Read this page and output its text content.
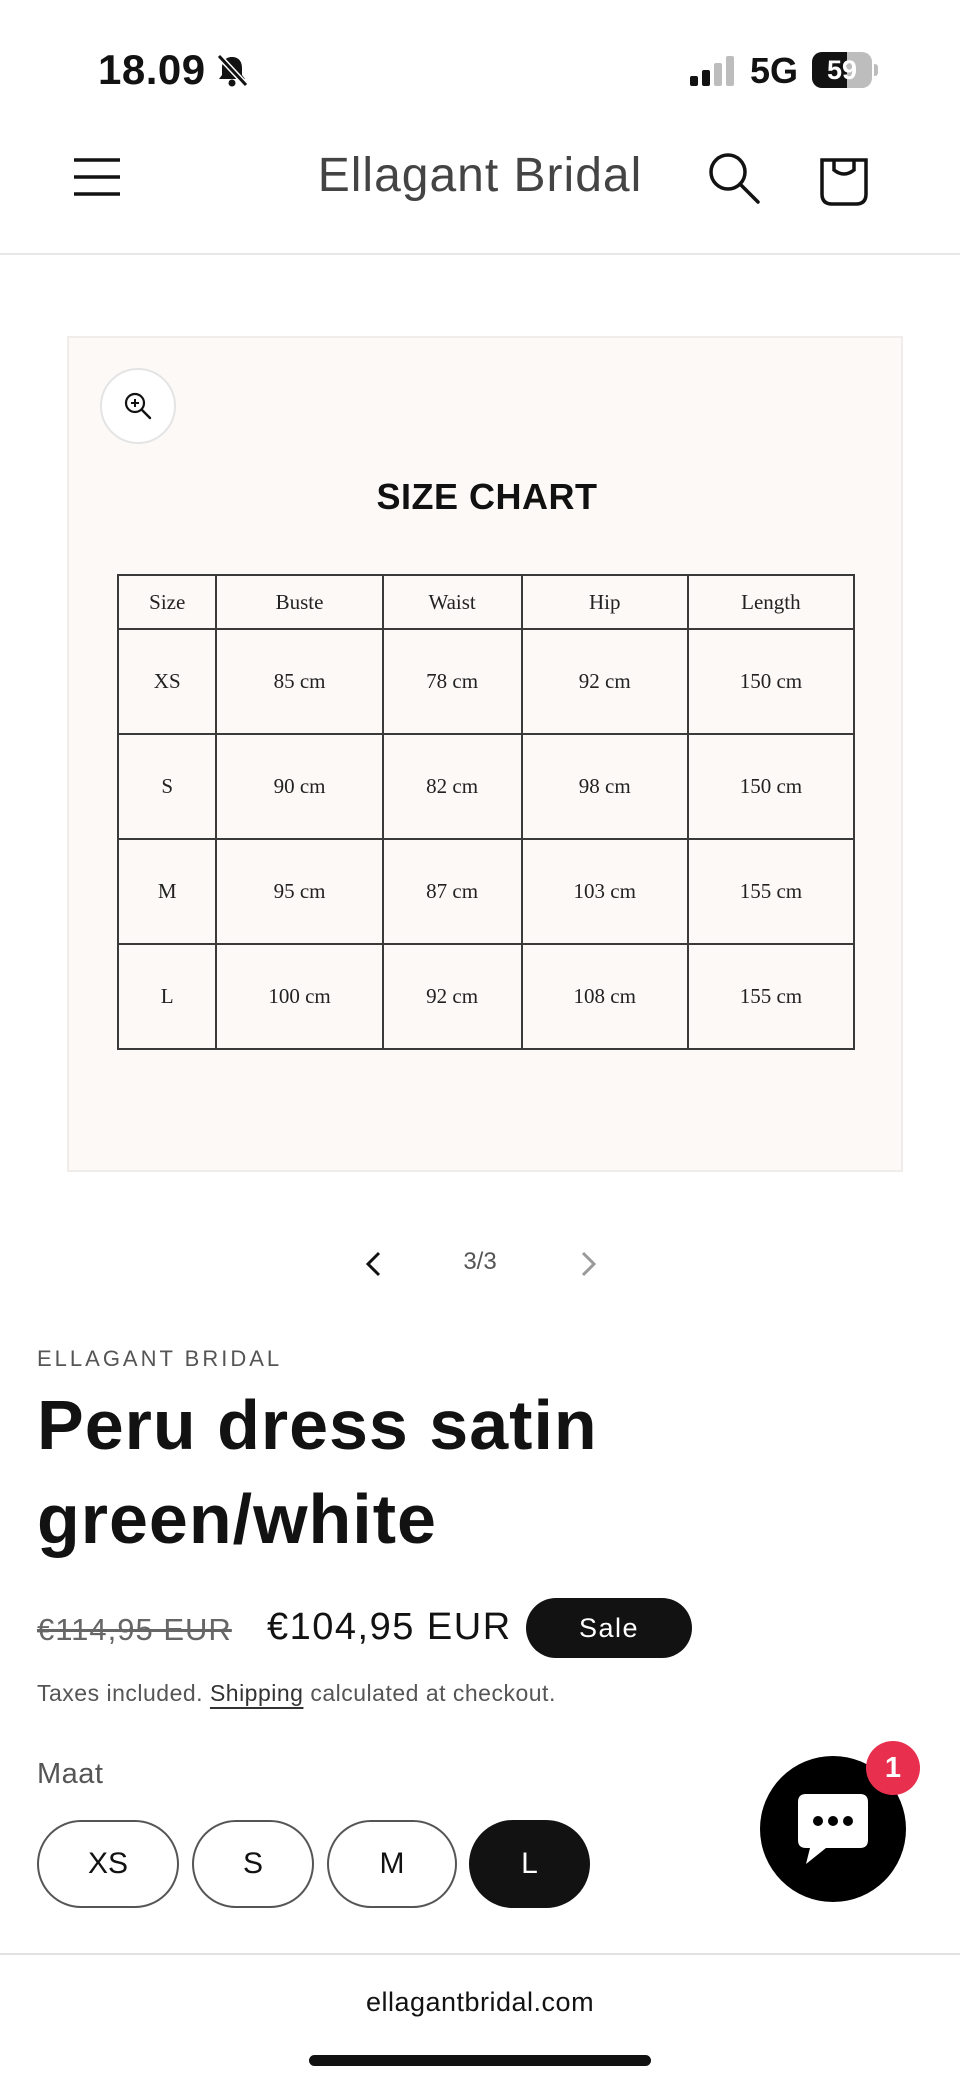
18.09	5G	59
Ellagant Bridal
SIZE CHART
Size	Buste	Waist	Hip	Length
XS	85 cm	78 cm	92 cm	150 cm
S	90 cm	82 cm	98 cm	150 cm
M	95 cm	87 cm	103 cm	155 cm
L	100 cm	92 cm	108 cm	155 cm
3/3
ELLAGANT BRIDAL
Peru dress satin green/white
€114,95 EUR €104,95 EUR	Sale
Taxes included. Shipping calculated at checkout.
Maat
XS	S	M	L
1
ellagantbridal.com
